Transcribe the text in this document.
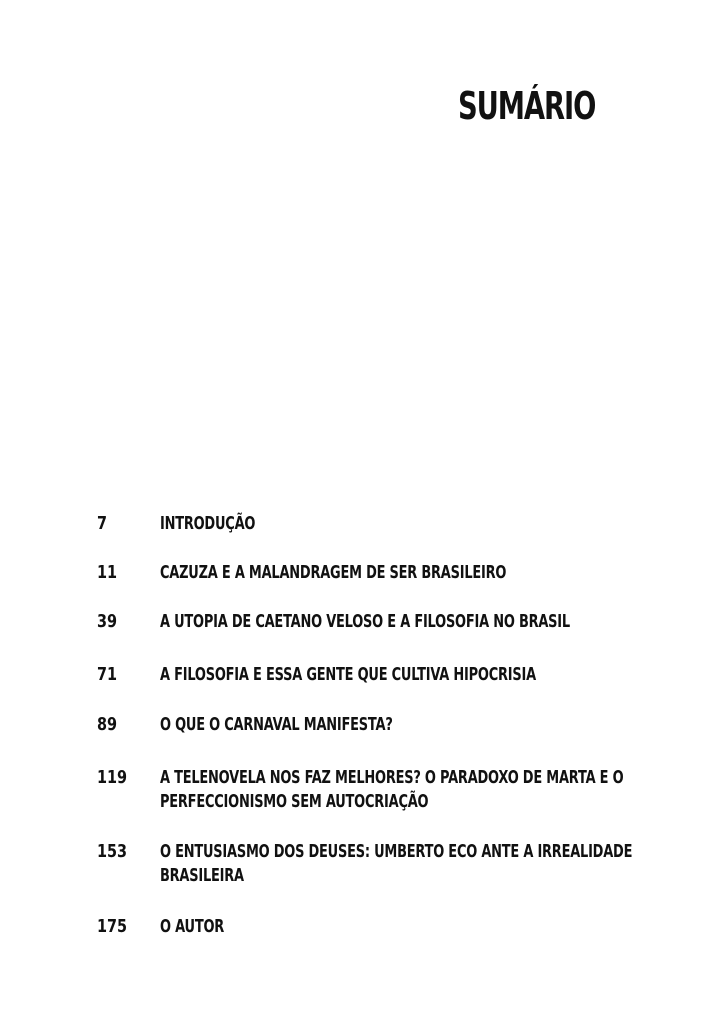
SUMÁRIO
7	INTRODUÇÃO
11	CAZUZA E A MALANDRAGEM DE SER BRASILEIRO
39	A UTOPIA DE CAETANO VELOSO E A FILOSOFIA NO BRASIL
71	A FILOSOFIA E ESSA GENTE QUE CULTIVA HIPOCRISIA
89	O QUE O CARNAVAL MANIFESTA?
119	A TELENOVELA NOS FAZ MELHORES? O PARADOXO DE MARTA E O
PERFECCIONISMO SEM AUTOCRIAÇÃO
153	O ENTUSIASMO DOS DEUSES: UMBERTO ECO ANTE A IRREALIDADE
BRASILEIRA
175	O AUTOR
